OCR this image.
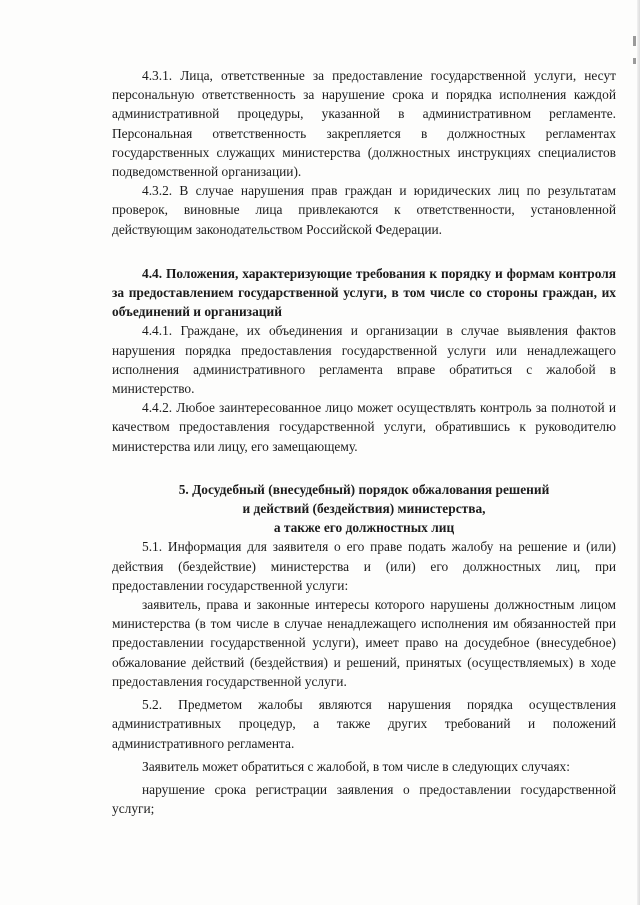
4.3.1. Лица, ответственные за предоставление государственной услуги, несут персональную ответственность за нарушение срока и порядка исполнения каждой административной процедуры, указанной в административном регламенте. Персональная ответственность закрепляется в должностных регламентах государственных служащих министерства (должностных инструкциях специалистов подведомственной организации).

4.3.2. В случае нарушения прав граждан и юридических лиц по результатам проверок, виновные лица привлекаются к ответственности, установленной действующим законодательством Российской Федерации.

4.4. Положения, характеризующие требования к порядку и формам контроля за предоставлением государственной услуги, в том числе со стороны граждан, их объединений и организаций

4.4.1. Граждане, их объединения и организации в случае выявления фактов нарушения порядка предоставления государственной услуги или ненадлежащего исполнения административного регламента вправе обратиться с жалобой в министерство.

4.4.2. Любое заинтересованное лицо может осуществлять контроль за полнотой и качеством предоставления государственной услуги, обратившись к руководителю министерства или лицу, его замещающему.

5. Досудебный (внесудебный) порядок обжалования решений
и действий (бездействия) министерства,
а также его должностных лиц

5.1. Информация для заявителя о его праве подать жалобу на решение и (или) действия (бездействие) министерства и (или) его должностных лиц, при предоставлении государственной услуги:

заявитель, права и законные интересы которого нарушены должностным лицом министерства (в том числе в случае ненадлежащего исполнения им обязанностей при предоставлении государственной услуги), имеет право на досудебное (внесудебное) обжалование действий (бездействия) и решений, принятых (осуществляемых) в ходе предоставления государственной услуги.

5.2. Предметом жалобы являются нарушения порядка осуществления административных процедур, а также других требований и положений административного регламента.

Заявитель может обратиться с жалобой, в том числе в следующих случаях:

нарушение срока регистрации заявления о предоставлении государственной услуги;
